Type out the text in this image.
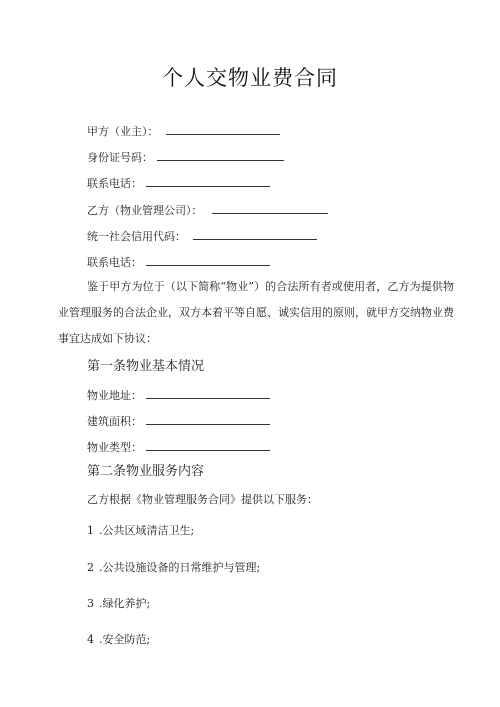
个人交物业费合同
甲方（业主）：
身份证号码：
联系电话：
乙方（物业管理公司）：
统一社会信用代码：
联系电话：
鉴于甲方为位于（以下简称“物业”）的合法所有者或使用者，乙方为提供物业管理服务的合法企业，双方本着平等自愿、诚实信用的原则，就甲方交纳物业费事宜达成如下协议：
第一条物业基本情况
物业地址：
建筑面积：
物业类型：
第二条物业服务内容
乙方根据《物业管理服务合同》提供以下服务：
1 .公共区域清洁卫生;
2 .公共设施设备的日常维护与管理;
3 .绿化养护;
4 .安全防范;
